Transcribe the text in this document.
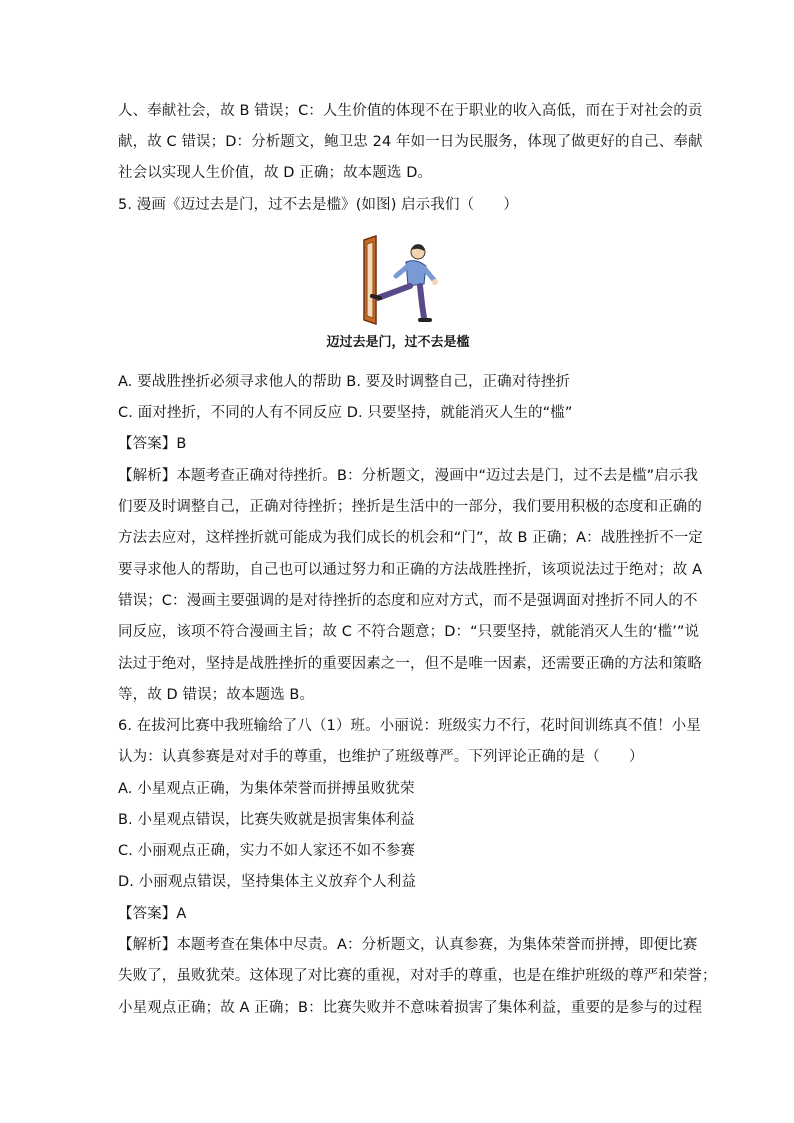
人、奉献社会，故 B 错误；C：人生价值的体现不在于职业的收入高低，而在于对社会的贡
献，故 C 错误；D：分析题文，鲍卫忠 24 年如一日为民服务，体现了做更好的自己、奉献
社会以实现人生价值，故 D 正确；故本题选 D。
5. 漫画《迈过去是门，过不去是槛》(如图) 启示我们（　　）
迈过去是门，过不去是槛
A. 要战胜挫折必须寻求他人的帮助 B. 要及时调整自己，正确对待挫折
C. 面对挫折，不同的人有不同反应 D. 只要坚持，就能消灭人生的“槛”
【答案】B
【解析】本题考查正确对待挫折。B：分析题文，漫画中“迈过去是门，过不去是槛”启示我
们要及时调整自己，正确对待挫折；挫折是生活中的一部分，我们要用积极的态度和正确的
方法去应对，这样挫折就可能成为我们成长的机会和“门”，故 B 正确；A：战胜挫折不一定
要寻求他人的帮助，自己也可以通过努力和正确的方法战胜挫折，该项说法过于绝对；故 A
错误；C：漫画主要强调的是对待挫折的态度和应对方式，而不是强调面对挫折不同人的不
同反应，该项不符合漫画主旨；故 C 不符合题意；D：“只要坚持，就能消灭人生的‘槛’”说
法过于绝对，坚持是战胜挫折的重要因素之一，但不是唯一因素，还需要正确的方法和策略
等，故 D 错误；故本题选 B。
6. 在拔河比赛中我班输给了八（1）班。小丽说：班级实力不行，花时间训练真不值！小星
认为：认真参赛是对对手的尊重，也维护了班级尊严。下列评论正确的是（　　）
A. 小星观点正确，为集体荣誉而拼搏虽败犹荣
B. 小星观点错误，比赛失败就是损害集体利益
C. 小丽观点正确，实力不如人家还不如不参赛
D. 小丽观点错误，坚持集体主义放弃个人利益
【答案】A
【解析】本题考查在集体中尽责。A：分析题文，认真参赛，为集体荣誉而拼搏，即便比赛
失败了，虽败犹荣。这体现了对比赛的重视，对对手的尊重，也是在维护班级的尊严和荣誉；
小星观点正确；故 A 正确；B：比赛失败并不意味着损害了集体利益，重要的是参与的过程
